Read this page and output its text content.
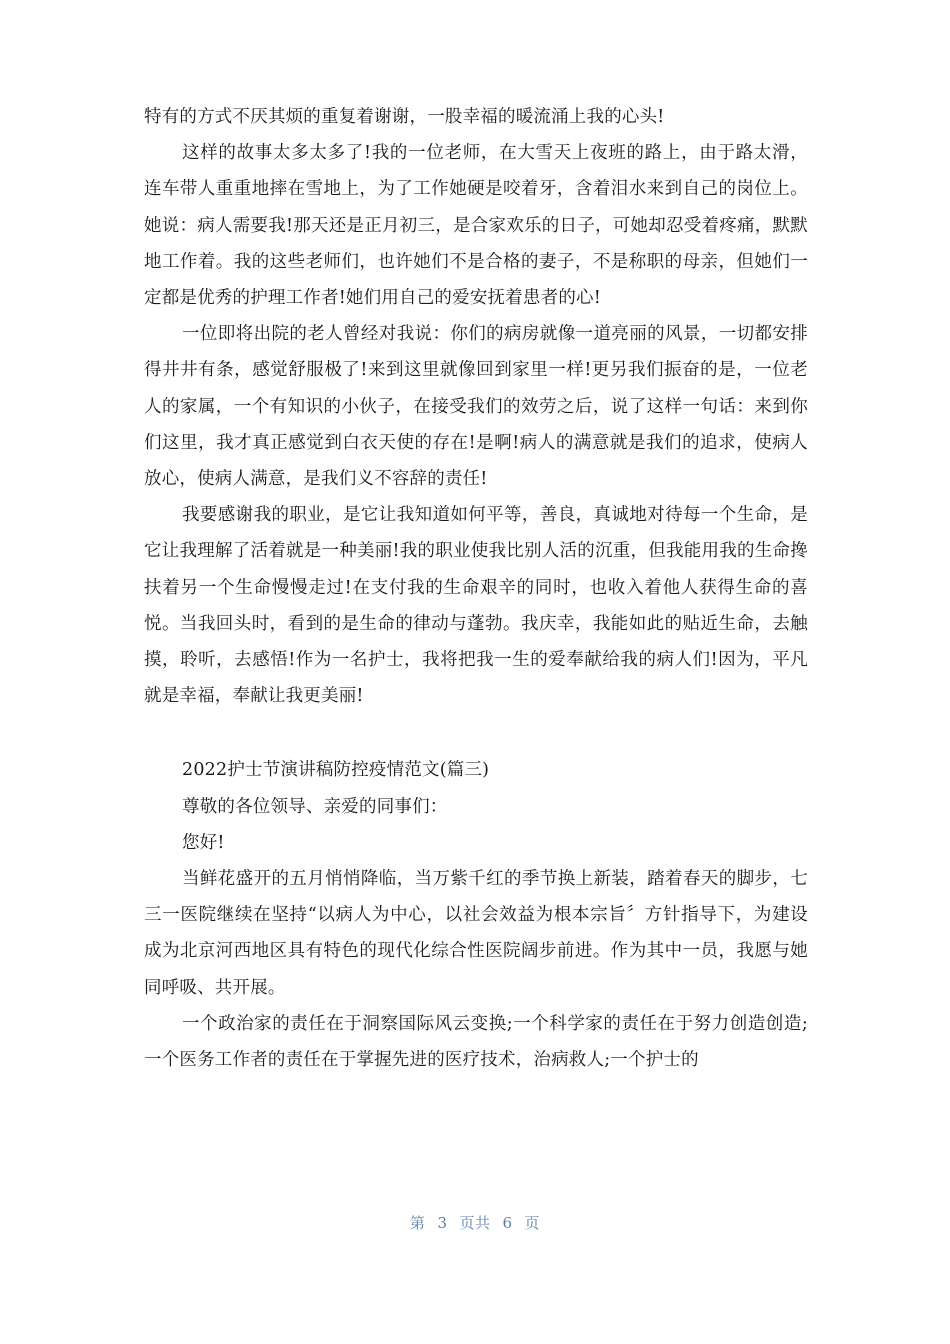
特有的方式不厌其烦的重复着谢谢，一股幸福的暖流涌上我的心头!

这样的故事太多太多了!我的一位老师，在大雪天上夜班的路上，由于路太滑，连车带人重重地摔在雪地上，为了工作她硬是咬着牙，含着泪水来到自己的岗位上。她说：病人需要我!那天还是正月初三，是合家欢乐的日子，可她却忍受着疼痛，默默地工作着。我的这些老师们，也许她们不是合格的妻子，不是称职的母亲，但她们一定都是优秀的护理工作者!她们用自己的爱安抚着患者的心!

一位即将出院的老人曾经对我说：你们的病房就像一道亮丽的风景，一切都安排得井井有条，感觉舒服极了!来到这里就像回到家里一样!更另我们振奋的是，一位老人的家属，一个有知识的小伙子，在接受我们的效劳之后，说了这样一句话：来到你们这里，我才真正感觉到白衣天使的存在!是啊!病人的满意就是我们的追求，使病人放心，使病人满意，是我们义不容辞的责任!

我要感谢我的职业，是它让我知道如何平等，善良，真诚地对待每一个生命，是它让我理解了活着就是一种美丽!我的职业使我比别人活的沉重，但我能用我的生命搀扶着另一个生命慢慢走过!在支付我的生命艰辛的同时，也收入着他人获得生命的喜悦。当我回头时，看到的是生命的律动与蓬勃。我庆幸，我能如此的贴近生命，去触摸，聆听，去感悟!作为一名护士，我将把我一生的爱奉献给我的病人们!因为，平凡就是幸福，奉献让我更美丽!

2022护士节演讲稿防控疫情范文(篇三)

尊敬的各位领导、亲爱的同事们：

您好!

当鲜花盛开的五月悄悄降临，当万紫千红的季节换上新装，踏着春天的脚步，七三一医院继续在坚持“以病人为中心，以社会效益为根本宗旨〞方针指导下，为建设成为北京河西地区具有特色的现代化综合性医院阔步前进。作为其中一员，我愿与她同呼吸、共开展。

一个政治家的责任在于洞察国际风云变换;一个科学家的责任在于努力创造创造;一个医务工作者的责任在于掌握先进的医疗技术，治病救人;一个护士的

第 3 页共 6 页
